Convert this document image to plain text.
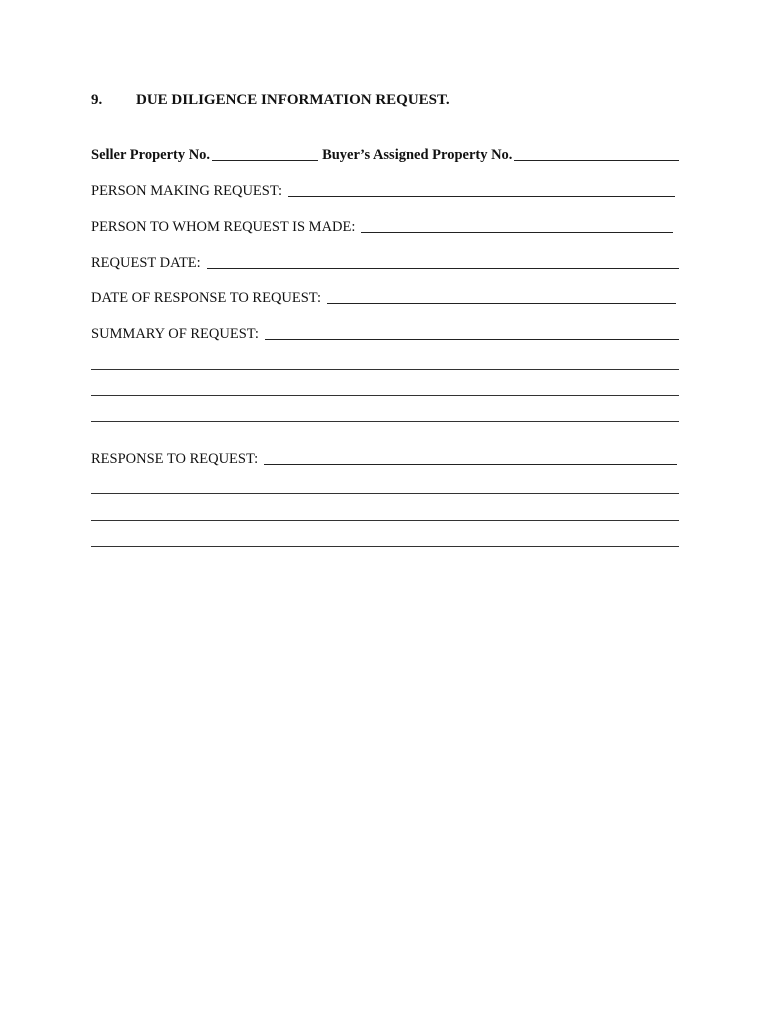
9. DUE DILIGENCE INFORMATION REQUEST.
Seller Property No.	Buyer’s Assigned Property No.
PERSON MAKING REQUEST:
PERSON TO WHOM REQUEST IS MADE:
REQUEST DATE:
DATE OF RESPONSE TO REQUEST:
SUMMARY OF REQUEST:
RESPONSE TO REQUEST:
